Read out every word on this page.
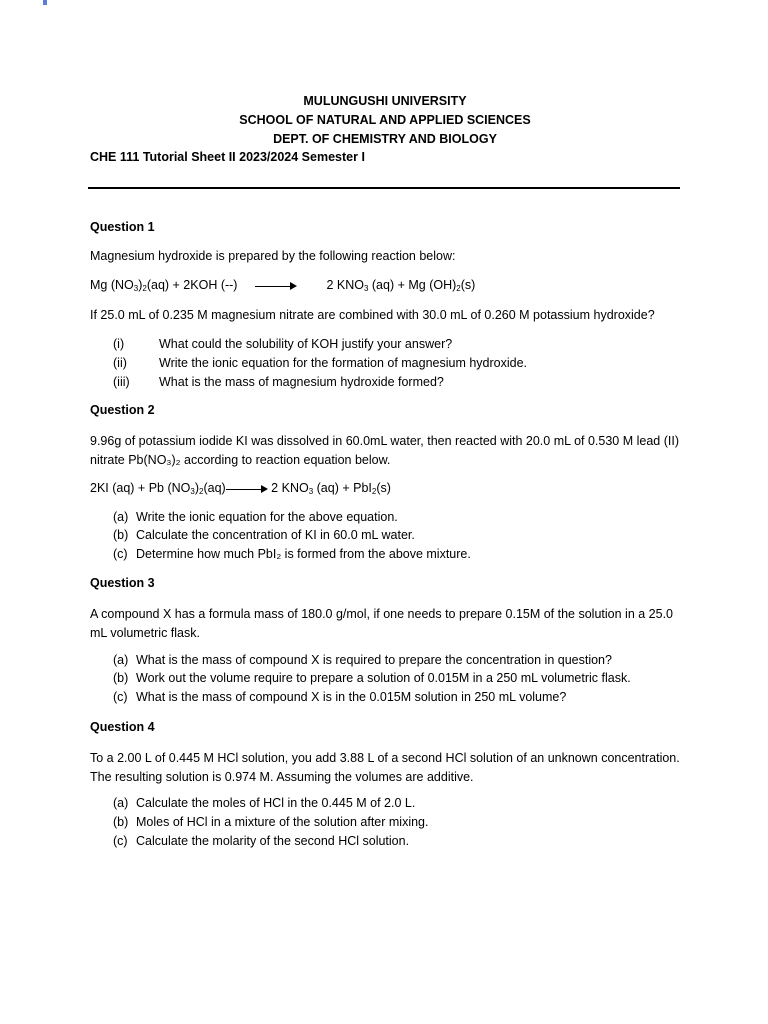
MULUNGUSHI UNIVERSITY
SCHOOL OF NATURAL AND APPLIED SCIENCES
DEPT. OF CHEMISTRY AND BIOLOGY
CHE 111 Tutorial Sheet II 2023/2024 Semester I
Question 1
Magnesium hydroxide is prepared by the following reaction below:
Mg $(NO_3)_2(aq) + 2KOH$ (--)	2 $KNO_3$ (aq) + Mg $(OH)_2(s)$
If 25.0 mL of 0.235 M magnesium nitrate are combined with 30.0 mL of 0.260 M potassium hydroxide?
(i)	What could the solubility of KOH justify your answer?
(ii)	Write the ionic equation for the formation of magnesium hydroxide.
(iii) What is the mass of magnesium hydroxide formed?
Question 2
9.96g of potassium iodide KI was dissolved in 60.0mL water, then reacted with 20.0 mL of 0.530 M lead (II) nitrate Pb(NO₃)₂ according to reaction equation below.
2KI (aq) + Pb $(NO_3)_2(aq)$	2 $KNO_3$ (aq) + PbI$_2$(s)
(a) Write the ionic equation for the above equation.
(b) Calculate the concentration of KI in 60.0 mL water.
(c) Determine how much PbI₂ is formed from the above mixture.
Question 3
A compound X has a formula mass of 180.0 g/mol, if one needs to prepare 0.15M of the solution in a 25.0 mL volumetric flask.
(a) What is the mass of compound X is required to prepare the concentration in question?
(b) Work out the volume require to prepare a solution of 0.015M in a 250 mL volumetric flask.
(c) What is the mass of compound X is in the 0.015M solution in 250 mL volume?
Question 4
To a 2.00 L of 0.445 M HCl solution, you add 3.88 L of a second HCl solution of an unknown concentration. The resulting solution is 0.974 M. Assuming the volumes are additive.
(a) Calculate the moles of HCl in the 0.445 M of 2.0 L.
(b) Moles of HCl in a mixture of the solution after mixing.
(c) Calculate the molarity of the second HCl solution.
